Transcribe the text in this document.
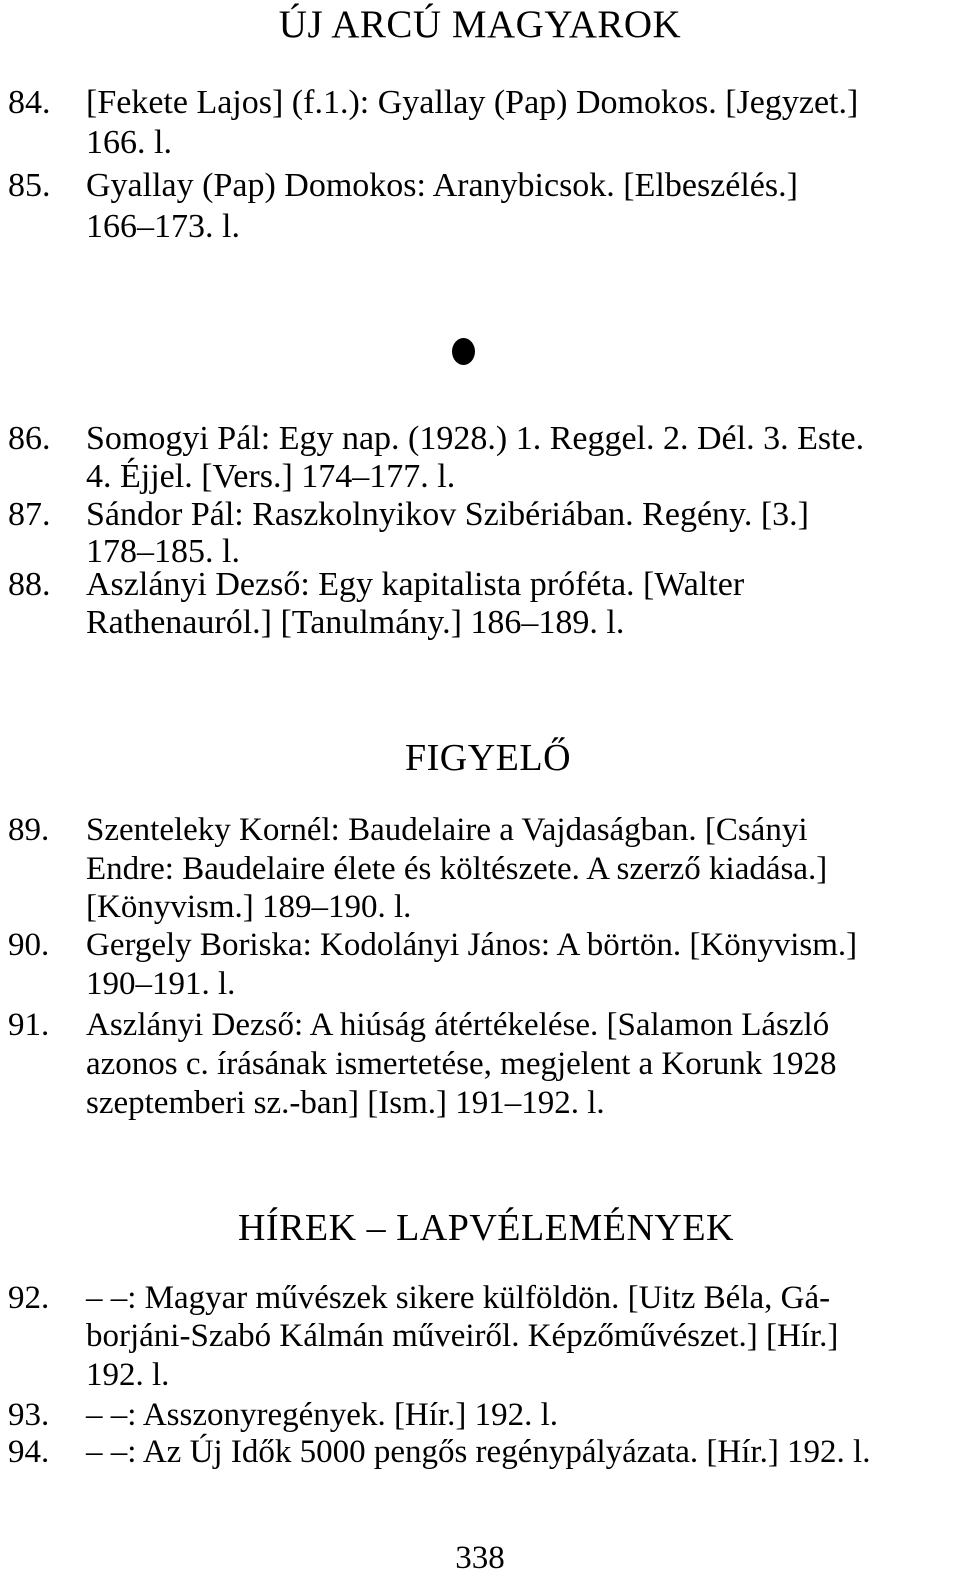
ÚJ ARCÚ MAGYAROK
84. [Fekete Lajos] (f.1.): Gyallay (Pap) Domokos. [Jegyzet.]
166. l.
85. Gyallay (Pap) Domokos: Aranybicsok. [Elbeszélés.]
166–173. l.
86. Somogyi Pál: Egy nap. (1928.) 1. Reggel. 2. Dél. 3. Este.
4. Éjjel. [Vers.] 174–177. l.
87. Sándor Pál: Raszkolnyikov Szibériában. Regény. [3.]
178–185. l.
88. Aszlányi Dezső: Egy kapitalista próféta. [Walter
Rathenauról.] [Tanulmány.] 186–189. l.
FIGYELŐ
89. Szenteleky Kornél: Baudelaire a Vajdaságban. [Csányi
Endre: Baudelaire élete és költészete. A szerző kiadása.]
[Könyvism.] 189–190. l.
90. Gergely Boriska: Kodolányi János: A börtön. [Könyvism.]
190–191. l.
91. Aszlányi Dezső: A hiúság átértékelése. [Salamon László
azonos c. írásának ismertetése, megjelent a Korunk 1928
szeptemberi sz.-ban] [Ism.] 191–192. l.
HÍREK – LAPVÉLEMÉNYEK
92. – –: Magyar művészek sikere külföldön. [Uitz Béla, Gá-
borjáni-Szabó Kálmán műveiről. Képzőművészet.] [Hír.]
192. l.
93. – –: Asszonyregények. [Hír.] 192. l.
94. – –: Az Új Idők 5000 pengős regénypályázata. [Hír.] 192. l.
338
